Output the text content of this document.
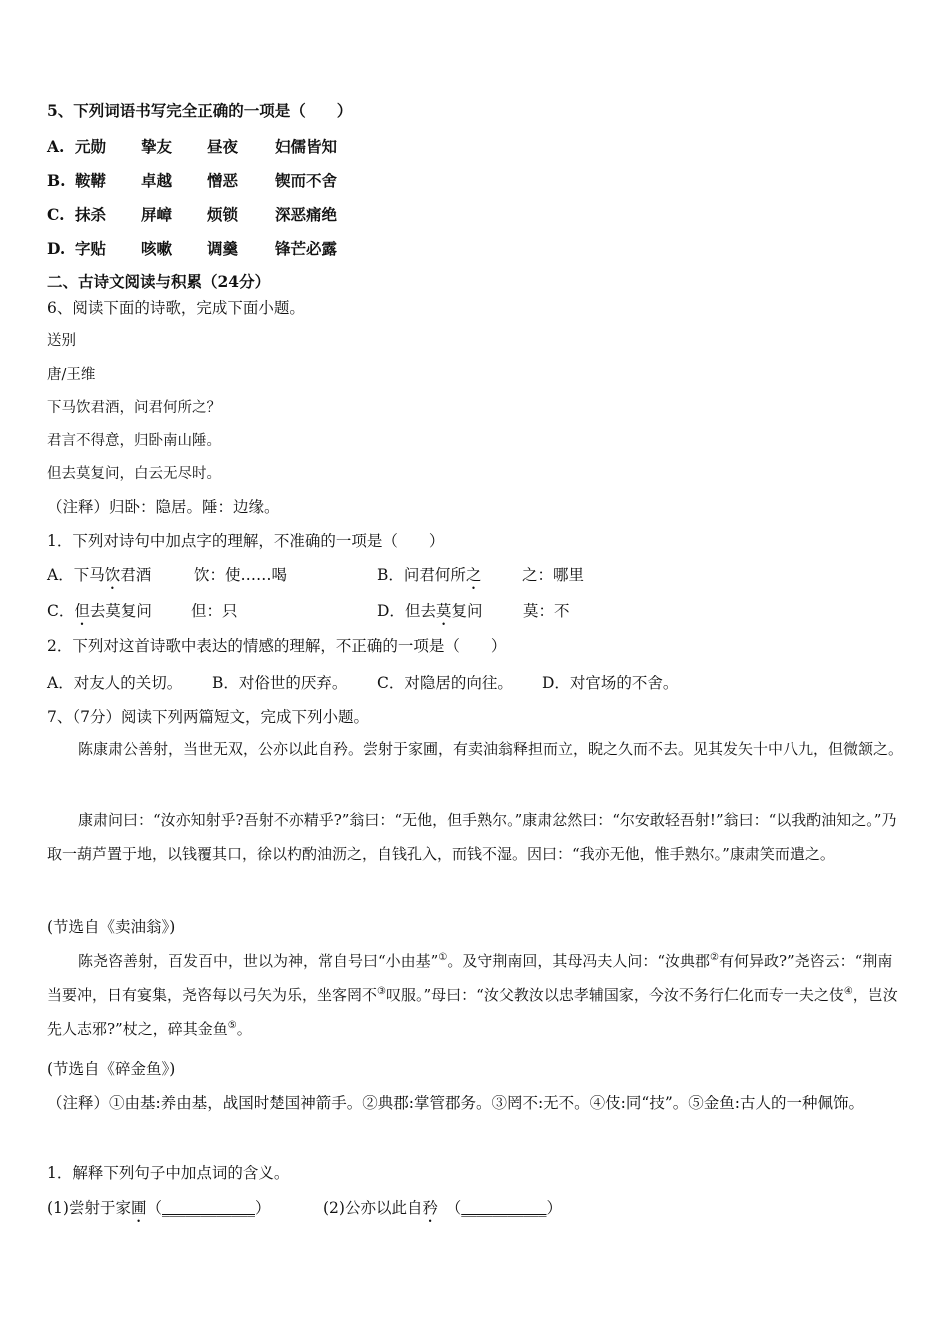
5、下列词语书写完全正确的一项是（　　）
A. 元勋 挚友 昼夜 妇儒皆知
B. 鞍鞯 卓越 憎恶 锲而不舍
C. 抹杀 屏嶂 烦锁 深恶痛绝
D. 字贴 咳嗽 调羹 锋芒必露
二、古诗文阅读与积累（24分）
6、阅读下面的诗歌，完成下面小题。
送别
唐/王维
下马饮君酒，问君何所之？
君言不得意，归卧南山陲。
但去莫复问，白云无尽时。
（注释）归卧：隐居。陲：边缘。
1．下列对诗句中加点字的理解，不准确的一项是（　　）
A．下马饮君酒	饮：使……喝	B．问君何所之	之：哪里
C．但去莫复问	但：只	D．但去莫复问	莫：不
2．下列对这首诗歌中表达的情感的理解，不正确的一项是（　　）
A．对友人的关切。 B．对俗世的厌弃。 C．对隐居的向往。 D．对官场的不舍。
7、（7分）阅读下列两篇短文，完成下列小题。
陈康肃公善射，当世无双，公亦以此自矜。尝射于家圃，有卖油翁释担而立，睨之久而不去。见其发矢十中八九，但微颔之。
康肃问曰：“汝亦知射乎?吾射不亦精乎?”翁曰：“无他，但手熟尔。”康肃忿然曰：“尔安敢轻吾射!”翁曰：“以我酌油知之。”乃取一葫芦置于地，以钱覆其口，徐以杓酌油沥之，自钱孔入，而钱不湿。因曰：“我亦无他，惟手熟尔。”康肃笑而遣之。
(节选自《卖油翁》)
陈尧咨善射，百发百中，世以为神，常自号曰“小由基”①。及守荆南回，其母冯夫人问：“汝典郡②有何异政?”尧咨云：“荆南当要冲，日有宴集，尧咨每以弓矢为乐，坐客罔不③叹服。”母曰：“汝父教汝以忠孝辅国家，今汝不务行仁化而专一夫之伎④，岂汝先人志邪?”杖之，碎其金鱼⑤。
(节选自《碎金鱼》)
（注释）①由基:养由基，战国时楚国神箭手。②典郡:掌管郡务。③罔不:无不。④伎:同“技”。⑤金鱼:古人的一种佩饰。
1．解释下列句子中加点词的含义。
(1)尝射于家圃（____________）	(2)公亦以此自矜　（___________）
